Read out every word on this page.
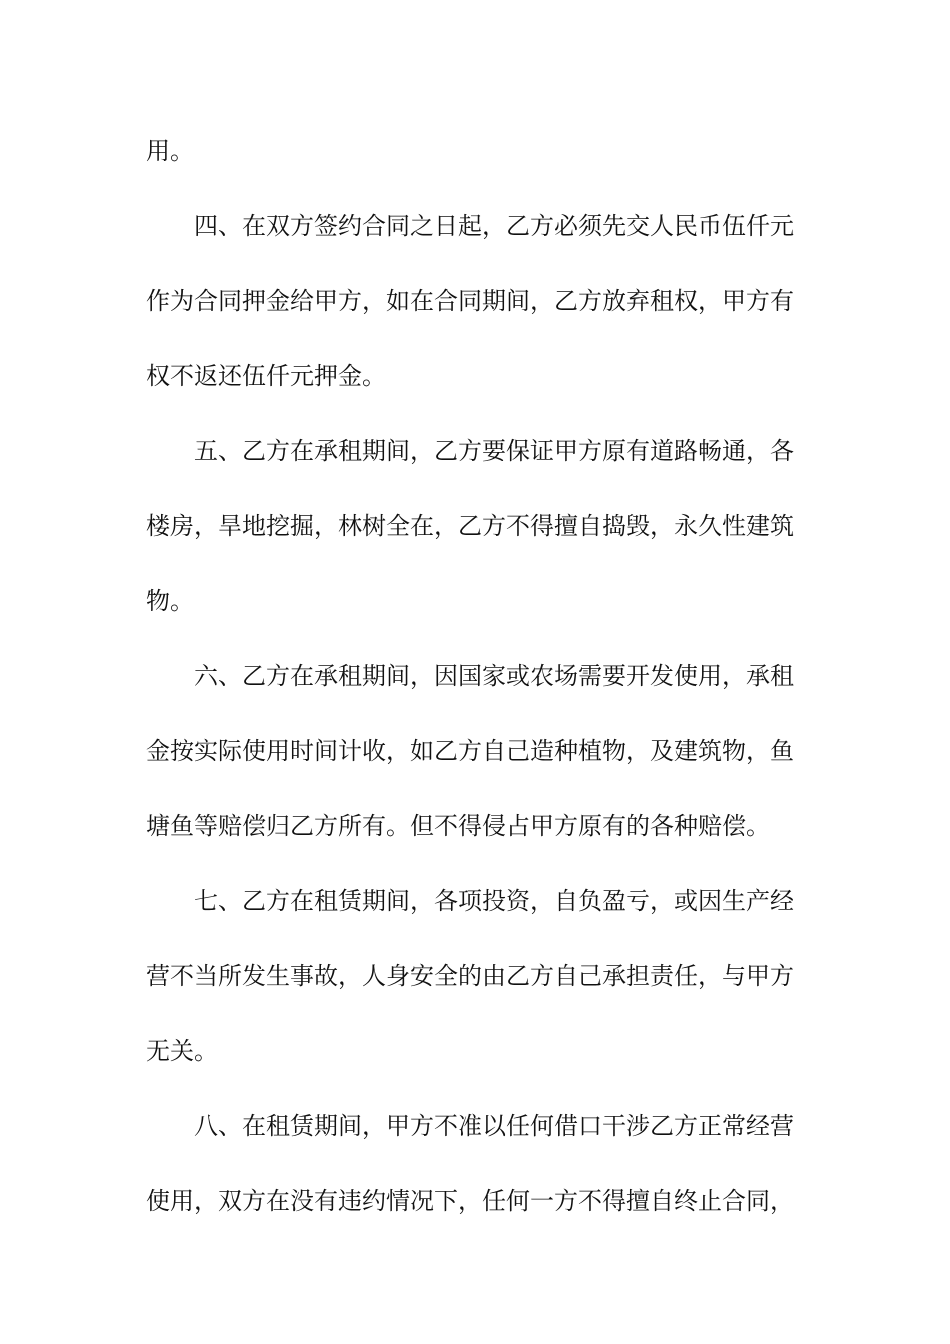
用。
四、在双方签约合同之日起，乙方必须先交人民币伍仟元
作为合同押金给甲方，如在合同期间，乙方放弃租权，甲方有
权不返还伍仟元押金。
五、乙方在承租期间，乙方要保证甲方原有道路畅通，各
楼房，旱地挖掘，林树全在，乙方不得擅自捣毁，永久性建筑
物。
六、乙方在承租期间，因国家或农场需要开发使用，承租
金按实际使用时间计收，如乙方自己造种植物，及建筑物，鱼
塘鱼等赔偿归乙方所有。但不得侵占甲方原有的各种赔偿。
七、乙方在租赁期间，各项投资，自负盈亏，或因生产经
营不当所发生事故，人身安全的由乙方自己承担责任，与甲方
无关。
八、在租赁期间，甲方不准以任何借口干涉乙方正常经营
使用，双方在没有违约情况下，任何一方不得擅自终止合同，
